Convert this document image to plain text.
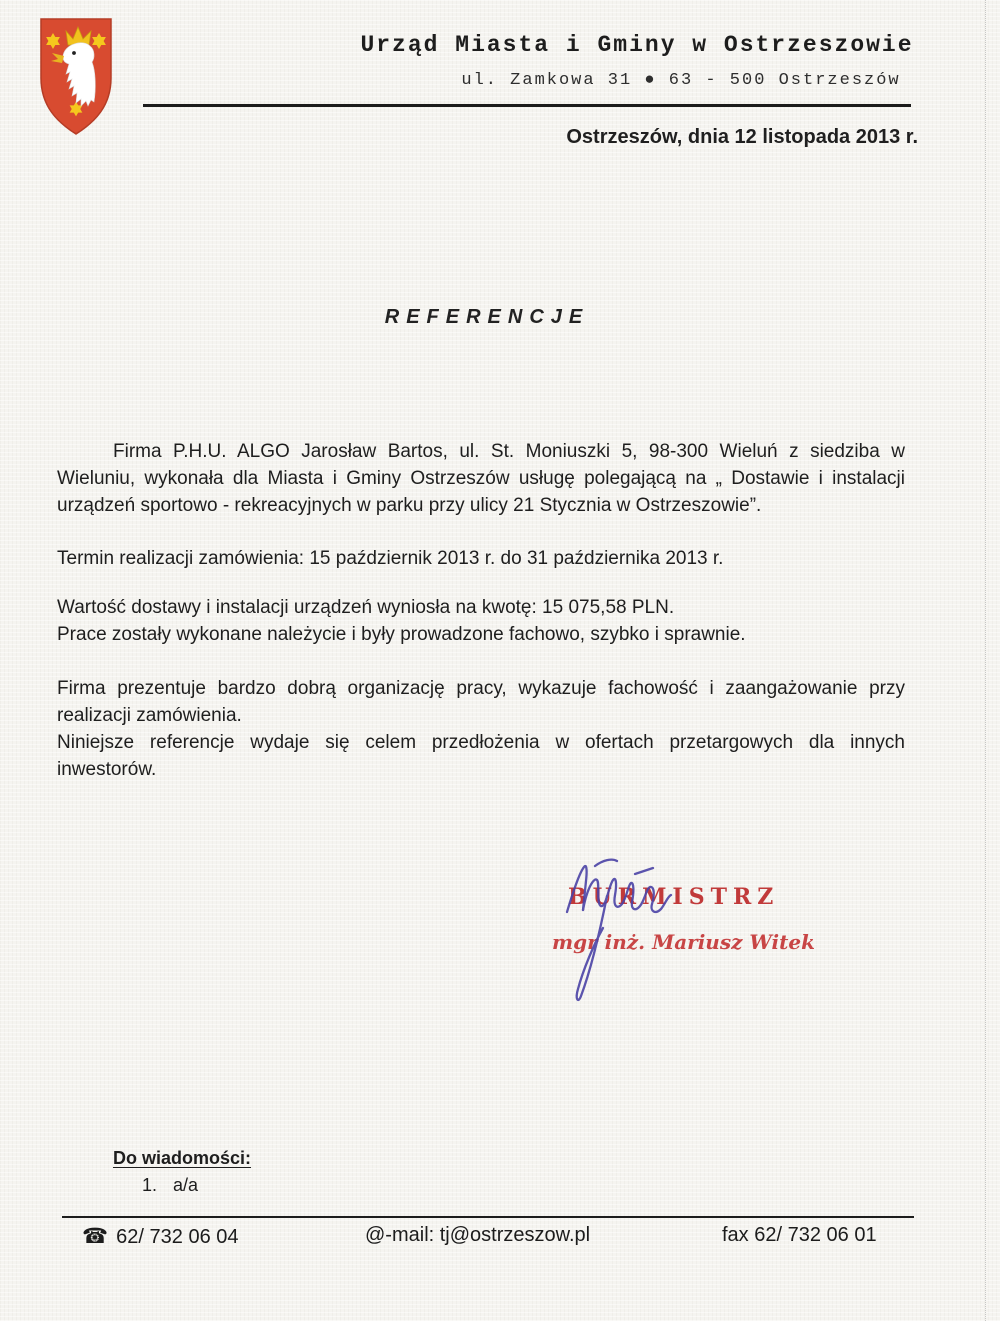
Urząd Miasta i Gminy w Ostrzeszowie
ul. Zamkowa 31 ● 63 - 500 Ostrzeszów
Ostrzeszów, dnia 12 listopada 2013 r.
REFERENCJE
Firma P.H.U. ALGO Jarosław Bartos, ul. St. Moniuszki 5, 98-300 Wieluń z siedziba w
Wieluniu, wykonała dla Miasta i Gminy Ostrzeszów usługę polegającą na „ Dostawie i instalacji
urządzeń sportowo - rekreacyjnych w parku przy ulicy 21 Stycznia w Ostrzeszowie”.
Termin realizacji zamówienia: 15 październik 2013 r. do 31 października 2013 r.
Wartość dostawy i instalacji urządzeń wyniosła na kwotę: 15 075,58 PLN.
Prace zostały wykonane należycie i były prowadzone fachowo, szybko i sprawnie.
Firma prezentuje bardzo dobrą organizację pracy, wykazuje fachowość i zaangażowanie przy
realizacji zamówienia.
Niniejsze referencje wydaje się celem przedłożenia w ofertach przetargowych dla innych
inwestorów.
BURMISTRZ
mgr inż. Mariusz Witek
Do wiadomości:
1. a/a
☎ 62/ 732 06 04	@-mail: tj@ostrzeszow.pl	fax 62/ 732 06 01
